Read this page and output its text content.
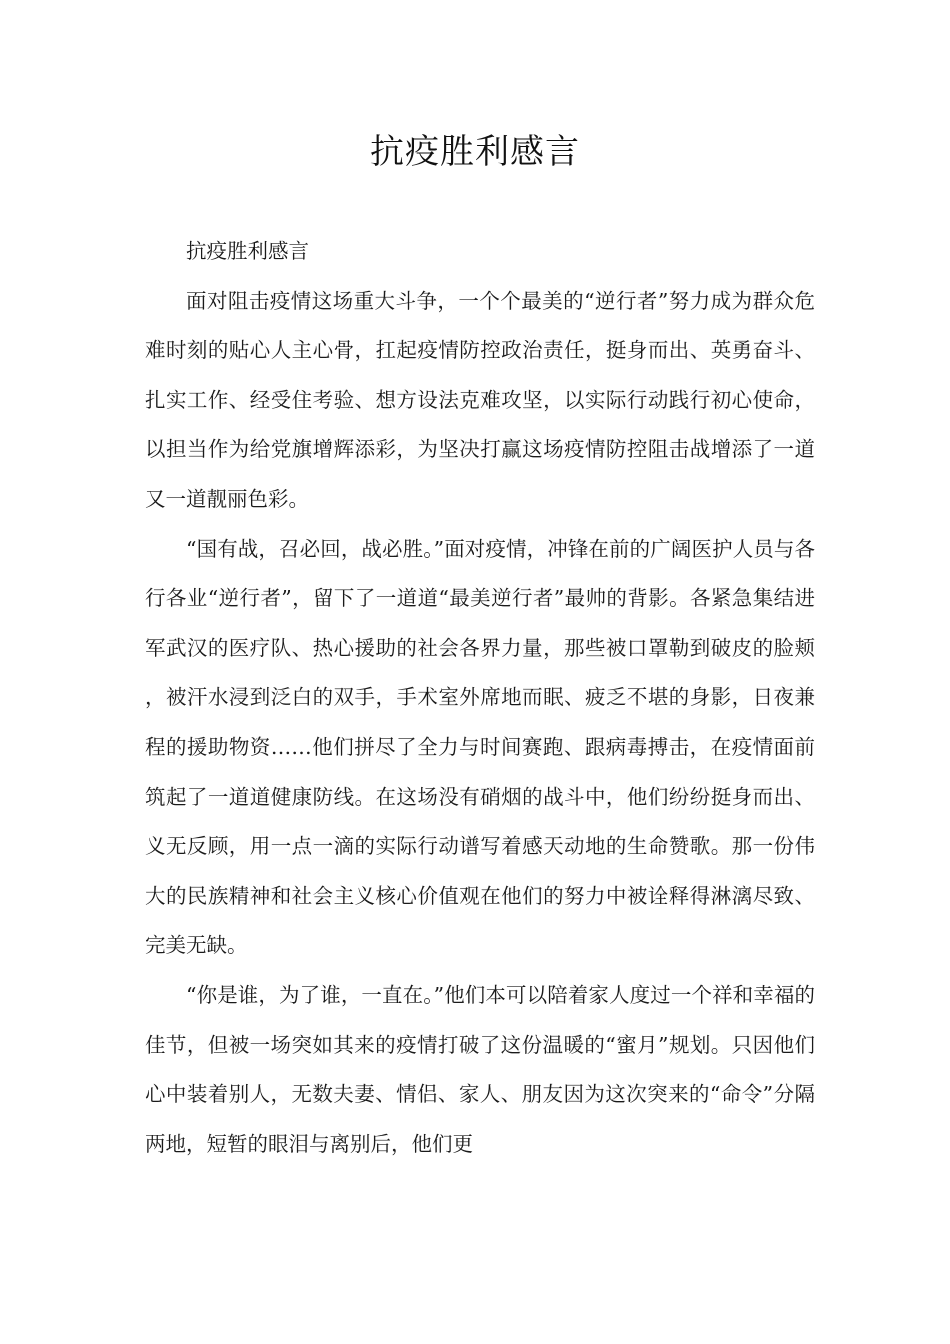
抗疫胜利感言

抗疫胜利感言

面对阻击疫情这场重大斗争，一个个最美的“逆行者”努力成为群众危难时刻的贴心人主心骨，扛起疫情防控政治责任，挺身而出、英勇奋斗、扎实工作、经受住考验、想方设法克难攻坚，以实际行动践行初心使命，以担当作为给党旗增辉添彩，为坚决打赢这场疫情防控阻击战增添了一道又一道靓丽色彩。

“国有战，召必回，战必胜。”面对疫情，冲锋在前的广阔医护人员与各行各业“逆行者”，留下了一道道“最美逆行者”最帅的背影。各紧急集结进军武汉的医疗队、热心援助的社会各界力量，那些被口罩勒到破皮的脸颊，被汗水浸到泛白的双手，手术室外席地而眠、疲乏不堪的身影，日夜兼程的援助物资……他们拼尽了全力与时间赛跑、跟病毒搏击，在疫情面前筑起了一道道健康防线。在这场没有硝烟的战斗中，他们纷纷挺身而出、义无反顾，用一点一滴的实际行动谱写着感天动地的生命赞歌。那一份伟大的民族精神和社会主义核心价值观在他们的努力中被诠释得淋漓尽致、完美无缺。

“你是谁，为了谁，一直在。”他们本可以陪着家人度过一个祥和幸福的佳节，但被一场突如其来的疫情打破了这份温暖的“蜜月”规划。只因他们心中装着别人，无数夫妻、情侣、家人、朋友因为这次突来的“命令”分隔两地，短暂的眼泪与离别后，他们更
